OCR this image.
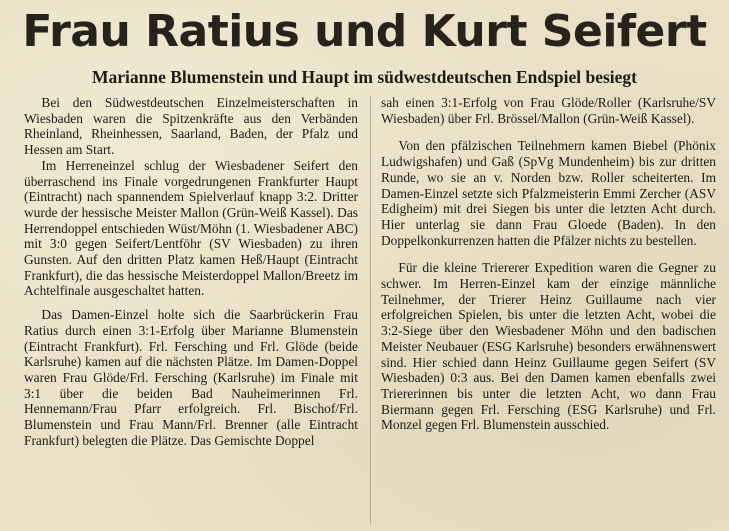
Frau Ratius und Kurt Seifert
Marianne Blumenstein und Haupt im südwestdeutschen Endspiel besiegt

Bei den Südwestdeutschen Einzelmeisterschaften in Wiesbaden waren die Spitzenkräfte aus den Verbänden Rheinland, Rheinhessen, Saarland, Baden, der Pfalz und Hessen am Start.

Im Herreneinzel schlug der Wiesbadener Seifert den überraschend ins Finale vorgedrungenen Frankfurter Haupt (Eintracht) nach spannendem Spielverlauf knapp 3:2. Dritter wurde der hessische Meister Mallon (Grün-Weiß Kassel). Das Herrendoppel entschieden Wüst/Möhn (1. Wiesbadener ABC) mit 3:0 gegen Seifert/Lentföhr (SV Wiesbaden) zu ihren Gunsten. Auf den dritten Platz kamen Heß/Haupt (Eintracht Frankfurt), die das hessische Meisterdoppel Mallon/Breetz im Achtelfinale ausgeschaltet hatten.

Das Damen-Einzel holte sich die Saarbrückerin Frau Ratius durch einen 3:1-Erfolg über Marianne Blumenstein (Eintracht Frankfurt). Frl. Fersching und Frl. Glöde (beide Karlsruhe) kamen auf die nächsten Plätze. Im Damen-Doppel waren Frau Glöde/Frl. Fersching (Karlsruhe) im Finale mit 3:1 über die beiden Bad Nauheimerinnen Frl. Hennemann/Frau Pfarr erfolgreich. Frl. Bischof/Frl. Blumenstein und Frau Mann/Frl. Brenner (alle Eintracht Frankfurt) belegten die Plätze. Das Gemischte Doppel

sah einen 3:1-Erfolg von Frau Glöde/Roller (Karlsruhe/SV Wiesbaden) über Frl. Brössel/Mallon (Grün-Weiß Kassel).

Von den pfälzischen Teilnehmern kamen Biebel (Phönix Ludwigshafen) und Gaß (SpVg Mundenheim) bis zur dritten Runde, wo sie an v. Norden bzw. Roller scheiterten. Im Damen-Einzel setzte sich Pfalzmeisterin Emmi Zercher (ASV Edigheim) mit drei Siegen bis unter die letzten Acht durch. Hier unterlag sie dann Frau Gloede (Baden). In den Doppelkonkurrenzen hatten die Pfälzer nichts zu bestellen.

Für die kleine Triererer Expedition waren die Gegner zu schwer. Im Herren-Einzel kam der einzige männliche Teilnehmer, der Trierer Heinz Guillaume nach vier erfolgreichen Spielen, bis unter die letzten Acht, wobei die 3:2-Siege über den Wiesbadener Möhn und den badischen Meister Neubauer (ESG Karlsruhe) besonders erwähnenswert sind. Hier schied dann Heinz Guillaume gegen Seifert (SV Wiesbaden) 0:3 aus. Bei den Damen kamen ebenfalls zwei Triererinnen bis unter die letzten Acht, wo dann Frau Biermann gegen Frl. Fersching (ESG Karlsruhe) und Frl. Monzel gegen Frl. Blumenstein ausschied.
